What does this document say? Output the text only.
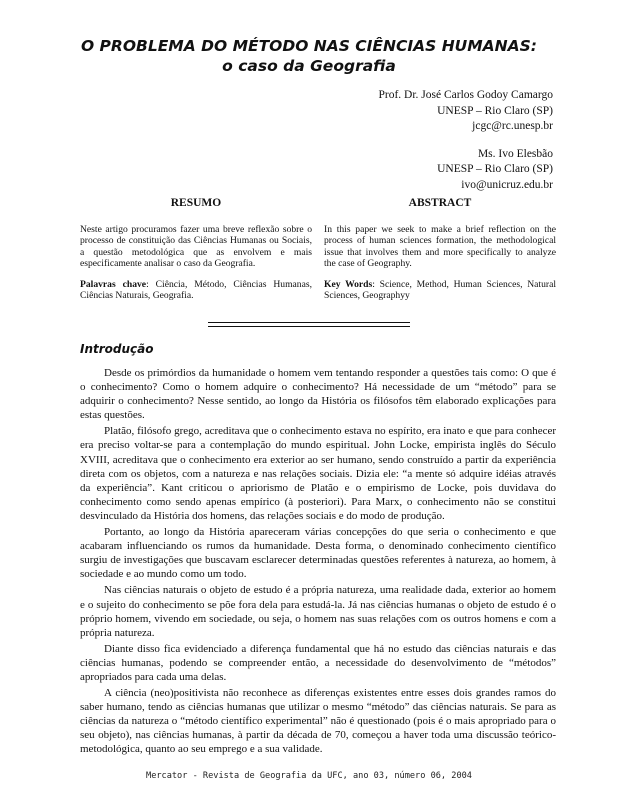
O PROBLEMA DO MÉTODO NAS CIÊNCIAS HUMANAS:
o caso da Geografia
Prof. Dr. José Carlos Godoy Camargo
UNESP – Rio Claro (SP)
jcgc@rc.unesp.br
Ms. Ivo Elesbão
UNESP – Rio Claro (SP)
ivo@unicruz.edu.br
RESUMO
Neste artigo procuramos fazer uma breve reflexão sobre o processo de constituição das Ciências Humanas ou Sociais, a questão metodológica que as envolvem e mais especificamente analisar o caso da Geografia.
Palavras chave: Ciência, Método, Ciências Humanas, Ciências Naturais, Geografia.
ABSTRACT
In this paper we seek to make a brief reflection on the process of human sciences formation, the methodological issue that involves them and more specifically to analyze the case of Geography.
Key Words: Science, Method, Human Sciences, Natural Sciences, Geographyy
Introdução

Desde os primórdios da humanidade o homem vem tentando responder a questões tais como: O que é o conhecimento? Como o homem adquire o conhecimento? Há necessidade de um “método” para se adquirir o conhecimento? Nesse sentido, ao longo da História os filósofos têm elaborado explicações para estas questões.

Platão, filósofo grego, acreditava que o conhecimento estava no espírito, era inato e que para conhecer era preciso voltar-se para a contemplação do mundo espiritual. John Locke, empirista inglês do Século XVIII, acreditava que o conhecimento era exterior ao ser humano, sendo construído a partir da experiência direta com os objetos, com a natureza e nas relações sociais. Dizia ele: “a mente só adquire idéias através da experiência”. Kant criticou o apriorismo de Platão e o empirismo de Locke, pois duvidava do conhecimento como sendo apenas empírico (à posteriori). Para Marx, o conhecimento não se constitui desvinculado da História dos homens, das relações sociais e do modo de produção.

Portanto, ao longo da História apareceram várias concepções do que seria o conhecimento e que acabaram influenciando os rumos da humanidade. Desta forma, o denominado conhecimento científico surgiu de investigações que buscavam esclarecer determinadas questões referentes à natureza, ao homem, à sociedade e ao mundo como um todo.

Nas ciências naturais o objeto de estudo é a própria natureza, uma realidade dada, exterior ao homem e o sujeito do conhecimento se põe fora dela para estudá-la. Já nas ciências humanas o objeto de estudo é o próprio homem, vivendo em sociedade, ou seja, o homem nas suas relações com os outros homens e com a própria natureza.

Diante disso fica evidenciado a diferença fundamental que há no estudo das ciências naturais e das ciências humanas, podendo se compreender então, a necessidade do desenvolvimento de “métodos” apropriados para cada uma delas.

A ciência (neo)positivista não reconhece as diferenças existentes entre esses dois grandes ramos do saber humano, tendo as ciências humanas que utilizar o mesmo “método” das ciências naturais. Se para as ciências da natureza o “método científico experimental” não é questionado (pois é o mais apropriado para o seu objeto), nas ciências humanas, à partir da década de 70, começou a haver toda uma discussão teórico-metodológica, quanto ao seu emprego e a sua validade.

Mercator - Revista de Geografia da UFC, ano 03, número 06, 2004
